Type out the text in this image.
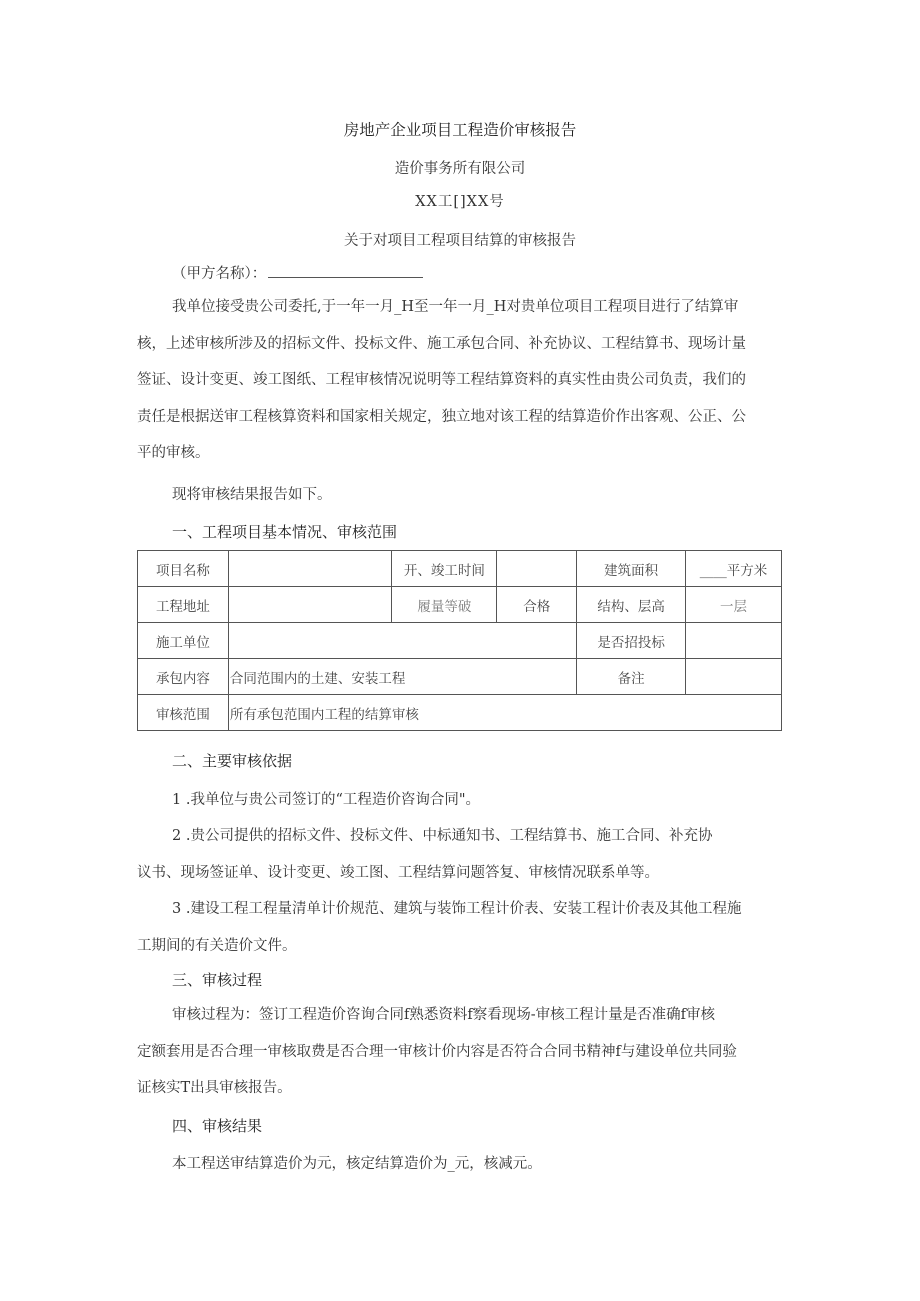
房地产企业项目工程造价审核报告
造价事务所有限公司
XX工[]XX号
关于对项目工程项目结算的审核报告
（甲方名称）：
我单位接受贵公司委托,于一年一月_H至一年一月_H对贵单位项目工程项目进行了结算审
核，上述审核所涉及的招标文件、投标文件、施工承包合同、补充协议、工程结算书、现场计量
签证、设计变更、竣工图纸、工程审核情况说明等工程结算资料的真实性由贵公司负责，我们的
责任是根据送审工程核算资料和国家相关规定，独立地对该工程的结算造价作出客观、公正、公
平的审核。
现将审核结果报告如下。
一、工程项目基本情况、审核范围
项目名称		开、竣工时间		建筑面积	____平方米
工程地址		履量等破	合格	结构、层高	一层
施工单位				是否招投标	
承包内容	合同范围内的土建、安装工程			备注	
审核范围	所有承包范围内工程的结算审核				
二、主要审核依据
1 .我单位与贵公司签订的“工程造价咨询合同"。
2 .贵公司提供的招标文件、投标文件、中标通知书、工程结算书、施工合同、补充协
议书、现场签证单、设计变更、竣工图、工程结算问题答复、审核情况联系单等。
3 .建设工程工程量清单计价规范、建筑与装饰工程计价表、安装工程计价表及其他工程施
工期间的有关造价文件。
三、审核过程
审核过程为：签订工程造价咨询合同f熟悉资料f察看现场-审核工程计量是否准确f审核
定额套用是否合理一审核取费是否合理一审核计价内容是否符合合同书精神f与建设单位共同验
证核实T出具审核报告。
四、审核结果
本工程送审结算造价为元，核定结算造价为_元，核减元。
